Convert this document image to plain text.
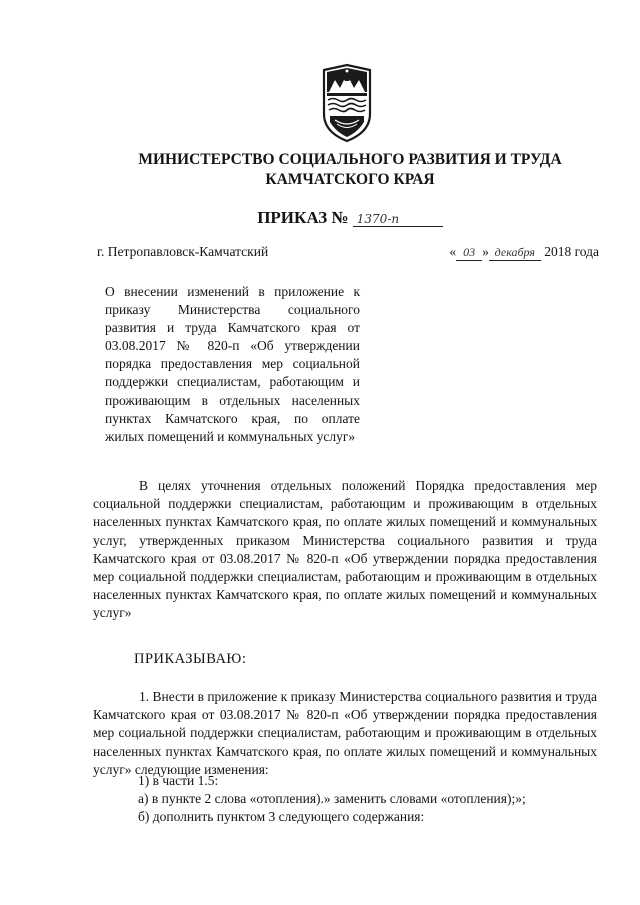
МИНИСТЕРСТВО СОЦИАЛЬНОГО РАЗВИТИЯ И ТРУДА
КАМЧАТСКОГО КРАЯ
ПРИКАЗ № 1370-п
г. Петропавловск-Камчатский	« 03 » декабря 2018 года

О внесении изменений в приложение к приказу Министерства социального развития и труда Камчатского края от 03.08.2017 № 820-п «Об утверждении порядка предоставления мер социальной поддержки специалистам, работающим и проживающим в отдельных населенных пунктах Камчатского края, по оплате жилых помещений и коммунальных услуг»

В целях уточнения отдельных положений Порядка предоставления мер социальной поддержки специалистам, работающим и проживающим в отдельных населенных пунктах Камчатского края, по оплате жилых помещений и коммунальных услуг, утвержденных приказом Министерства социального развития и труда Камчатского края от 03.08.2017 № 820-п «Об утверждении порядка предоставления мер социальной поддержки специалистам, работающим и проживающим в отдельных населенных пунктах Камчатского края, по оплате жилых помещений и коммунальных услуг»

ПРИКАЗЫВАЮ:

1. Внести в приложение к приказу Министерства социального развития и труда Камчатского края от 03.08.2017 № 820-п «Об утверждении порядка предоставления мер социальной поддержки специалистам, работающим и проживающим в отдельных населенных пунктах Камчатского края, по оплате жилых помещений и коммунальных услуг» следующие изменения:

1) в части 1.5:
а) в пункте 2 слова «отопления).» заменить словами «отопления);»;
б) дополнить пунктом 3 следующего содержания:
